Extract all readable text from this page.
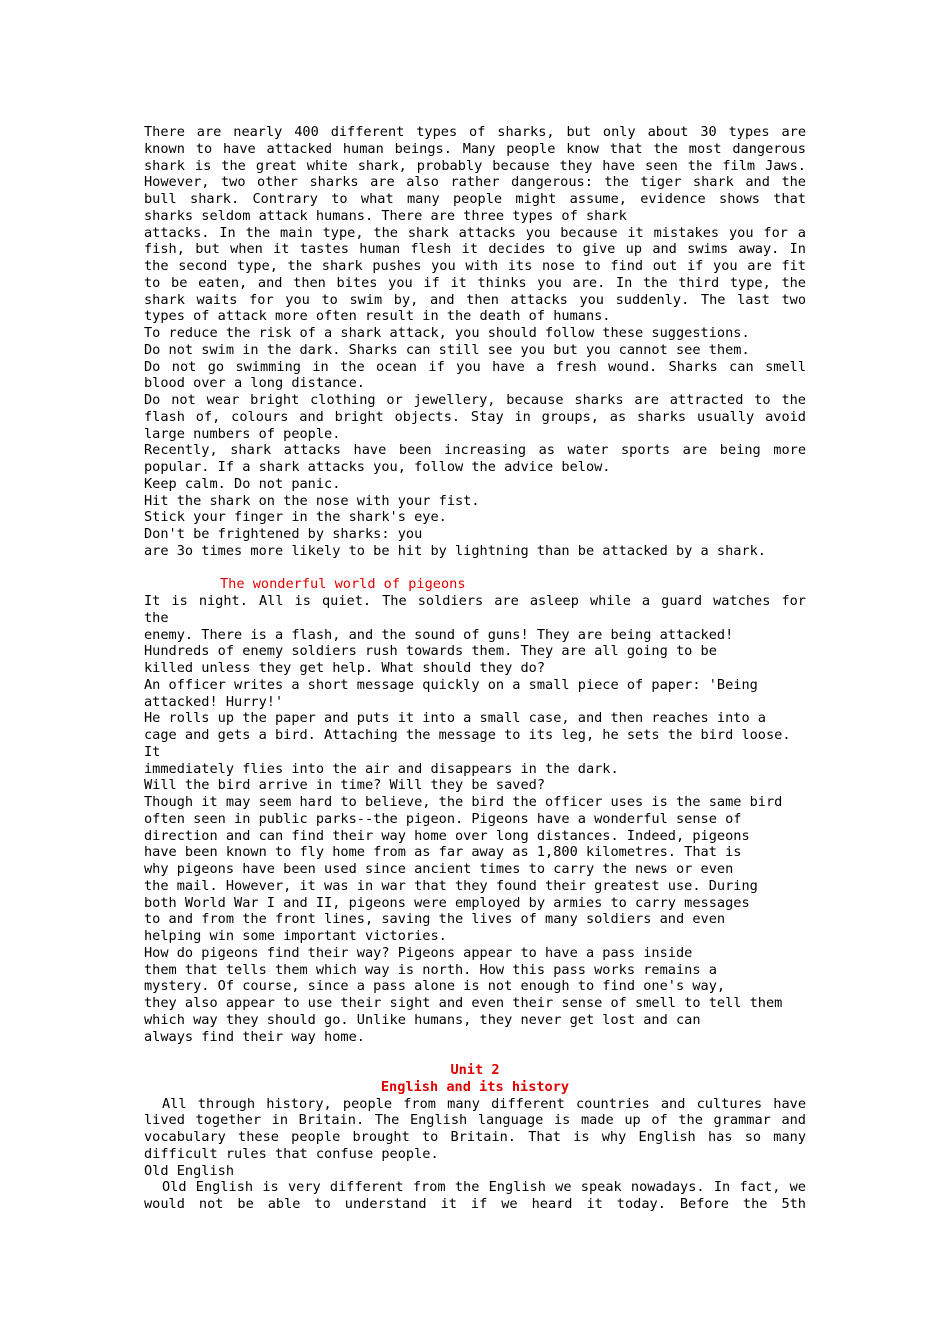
There are nearly 400 different types of sharks, but only about 30 types are
known to have attacked human beings. Many people know that the most dangerous
shark is the great white shark, probably because they have seen the film Jaws.
However, two other sharks are also rather dangerous: the tiger shark and the
bull shark. Contrary to what many people might assume, evidence shows that
sharks seldom attack humans. There are three types of shark
attacks. In the main type, the shark attacks you because it mistakes you for a
fish, but when it tastes human flesh it decides to give up and swims away. In
the second type, the shark pushes you with its nose to find out if you are fit
to be eaten, and then bites you if it thinks you are. In the third type, the
shark waits for you to swim by, and then attacks you suddenly. The last two
types of attack more often result in the death of humans.
To reduce the risk of a shark attack, you should follow these suggestions.
Do not swim in the dark. Sharks can still see you but you cannot see them.
Do not go swimming in the ocean if you have a fresh wound. Sharks can smell
blood over a long distance.
Do not wear bright clothing or jewellery, because sharks are attracted to the
flash of, colours and bright objects. Stay in groups, as sharks usually avoid
large numbers of people.
Recently, shark attacks have been increasing as water sports are being more
popular. If a shark attacks you, follow the advice below.
Keep calm. Do not panic.
Hit the shark on the nose with your fist.
Stick your finger in the shark's eye.
Don't be frightened by sharks: you
are 3o times more likely to be hit by lightning than be attacked by a shark.
The wonderful world of pigeons
It is night. All is quiet. The soldiers are asleep while a guard watches for
the
enemy. There is a flash, and the sound of guns! They are being attacked!
Hundreds of enemy soldiers rush towards them. They are all going to be
killed unless they get help. What should they do?
An officer writes a short message quickly on a small piece of paper: 'Being
attacked! Hurry!'
He rolls up the paper and puts it into a small case, and then reaches into a
cage and gets a bird. Attaching the message to its leg, he sets the bird loose.
It
immediately flies into the air and disappears in the dark.
Will the bird arrive in time? Will they be saved?
Though it may seem hard to believe, the bird the officer uses is the same bird
often seen in public parks--the pigeon. Pigeons have a wonderful sense of
direction and can find their way home over long distances. Indeed, pigeons
have been known to fly home from as far away as 1,800 kilometres. That is
why pigeons have been used since ancient times to carry the news or even
the mail. However, it was in war that they found their greatest use. During
both World War I and II, pigeons were employed by armies to carry messages
to and from the front lines, saving the lives of many soldiers and even
helping win some important victories.
How do pigeons find their way? Pigeons appear to have a pass inside
them that tells them which way is north. How this pass works remains a
mystery. Of course, since a pass alone is not enough to find one's way,
they also appear to use their sight and even their sense of smell to tell them
which way they should go. Unlike humans, they never get lost and can
always find their way home.
Unit 2
English and its history
All through history, people from many different countries and cultures have
lived together in Britain. The English language is made up of the grammar and
vocabulary these people brought to Britain. That is why English has so many
difficult rules that confuse people.
Old English
Old English is very different from the English we speak nowadays. In fact, we
would not be able to understand it if we heard it today. Before the 5th
